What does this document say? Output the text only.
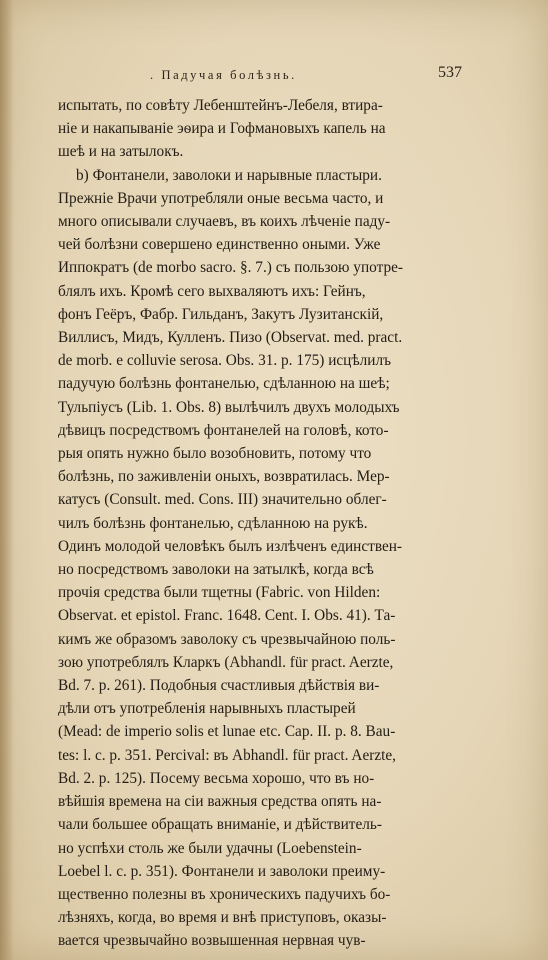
. Падучая болѣзнь.	537
испытать, по совѣту Лебенштейнъ-Лебеля, втира-
ніе и накапываніе эѳира и Гофмановыхъ капель на
шеѣ и на затылокъ.
b) Фонтанели, заволоки и нарывные пластыри.
Прежніе Врачи употребляли оные весьма часто, и
много описывали случаевъ, въ коихъ лѣченіе паду-
чей болѣзни совершено единственно оными. Уже
Иппократъ (de morbo sacro. §. 7.) съ пользою употре-
блялъ ихъ. Кромѣ сего выхваляютъ ихъ: Гейнъ,
фонъ Геёръ, Фабр. Гильданъ, Закутъ Лузитанскій,
Виллисъ, Мидъ, Кулленъ. Пизо (Observat. med. pract.
de morb. e colluvie serosa. Obs. 31. p. 175) исцѣлилъ
падучую болѣзнь фонтанелью, сдѣланною на шеѣ;
Тульпіусъ (Lib. 1. Obs. 8) вылѣчилъ двухъ молодыхъ
дѣвицъ посредствомъ фонтанелей на головѣ, кото-
рыя опять нужно было возобновить, потому что
болѣзнь, по заживленіи оныхъ, возвратилась. Мер-
катусъ (Consult. med. Cons. III) значительно облег-
чилъ болѣзнь фонтанелью, сдѣланною на рукѣ.
Одинъ молодой человѣкъ былъ излѣченъ единствен-
но посредствомъ заволоки на затылкѣ, когда всѣ
прочія средства были тщетны (Fabric. von Hilden:
Observat. et epistol. Franc. 1648. Cent. I. Obs. 41). Та-
кимъ же образомъ заволоку съ чрезвычайною поль-
зою употреблялъ Кларкъ (Abhandl. für pract. Aerzte,
Bd. 7. p. 261). Подобныя счастливыя дѣйствія ви-
дѣли отъ употребленія нарывныхъ пластырей
(Mead: de imperio solis et lunae etc. Cap. II. p. 8. Bau-
tes: l. c. p. 351. Percival: въ Abhandl. für pract. Aerzte,
Bd. 2. p. 125). Посему весьма хорошо, что въ но-
вѣйшія времена на сіи важныя средства опять на-
чали большее обращать вниманіе, и дѣйствитель-
но успѣхи столь же были удачны (Loebenstein-
Loebel l. c. p. 351). Фонтанели и заволоки преиму-
щественно полезны въ хроническихъ падучихъ бо-
лѣзняхъ, когда, во время и внѣ приступовъ, оказы-
вается чрезвычайно возвышенная нервная чув-
